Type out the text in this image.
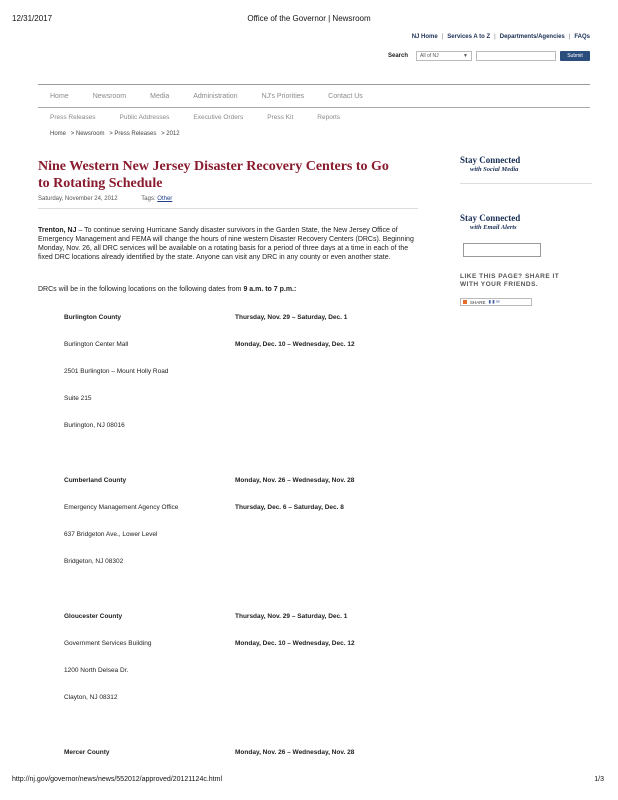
12/31/2017	Office of the Governor | Newsroom
NJ Home | Services A to Z | Departments/Agencies | FAQs
Search	All of NJ	▼	Submit
Home	Newsroom	Media	Administration	NJ's Priorities	Contact Us
Press Releases	Public Addresses	Executive Orders	Press Kit	Reports
Home > Newsroom > Press Releases > 2012
Nine Western New Jersey Disaster Recovery Centers to Go to Rotating Schedule
Saturday, November 24, 2012	Tags: Other

Trenton, NJ – To continue serving Hurricane Sandy disaster survivors in the Garden State, the New Jersey Office of Emergency Management and FEMA will change the hours of nine western Disaster Recovery Centers (DRCs). Beginning Monday, Nov. 26, all DRC services will be available on a rotating basis for a period of three days at a time in each of the fixed DRC locations already identified by the state. Anyone can visit any DRC in any county or even another state.

DRCs will be in the following locations on the following dates from 9 a.m. to 7 p.m.:

Burlington County	Thursday, Nov. 29 – Saturday, Dec. 1
Burlington Center Mall	Monday, Dec. 10 – Wednesday, Dec. 12
2501 Burlington – Mount Holly Road
Suite 215
Burlington, NJ 08016
Cumberland County	Monday, Nov. 26 – Wednesday, Nov. 28
Emergency Management Agency Office	Thursday, Dec. 6 – Saturday, Dec. 8
637 Bridgeton Ave., Lower Level
Bridgeton, NJ 08302
Gloucester County	Thursday, Nov. 29 – Saturday, Dec. 1
Government Services Building	Monday, Dec. 10 – Wednesday, Dec. 12
1200 North Delsea Dr.
Clayton, NJ 08312
Mercer County	Monday, Nov. 26 – Wednesday, Nov. 28
Stay Connected
with Social Media
Stay Connected
with Email Alerts
LIKE THIS PAGE? SHARE IT WITH YOUR FRIENDS.
SHARE ▮ ▮ ✉
http://nj.gov/governor/news/news/552012/approved/20121124c.html	1/3
